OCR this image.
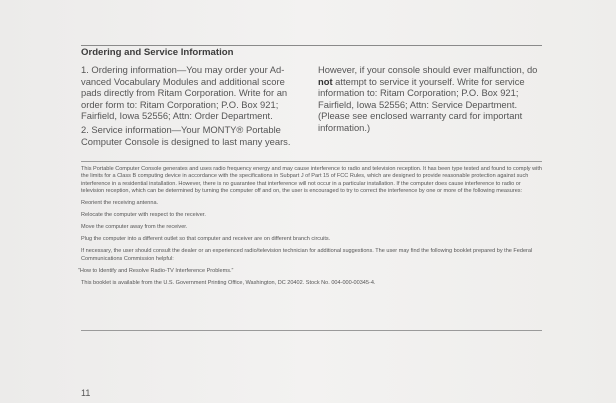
Ordering and Service Information

1. Ordering information—You may order your Ad-vanced Vocabulary Modules and additional score pads directly from Ritam Corporation. Write for an order form to: Ritam Corporation; P.O. Box 921; Fairfield, Iowa 52556; Attn: Order Department.

2. Service information—Your MONTY® Portable Computer Console is designed to last many years.

However, if your console should ever malfunction, do not attempt to service it yourself. Write for service information to: Ritam Corporation; P.O. Box 921; Fairfield, Iowa 52556; Attn: Service Department. (Please see enclosed warranty card for important information.)

This Portable Computer Console generates and uses radio frequency energy and may cause interference to radio and television reception. It has been type tested and found to comply with the limits for a Class B computing device in accordance with the specifications in Subpart J of Part 15 of FCC Rules, which are designed to provide reasonable protection against such interference in a residential installation. However, there is no guarantee that interference will not occur in a particular installation. If the computer does cause interference to radio or television reception, which can be determined by turning the computer off and on, the user is encouraged to try to correct the interference by one or more of the following measures:

Reorient the receiving antenna.

Relocate the computer with respect to the receiver.

Move the computer away from the receiver.

Plug the computer into a different outlet so that computer and receiver are on different branch circuits.

If necessary, the user should consult the dealer or an experienced radio/television technician for additional suggestions. The user may find the following booklet prepared by the Federal Communications Commission helpful:

“How to Identify and Resolve Radio-TV Interference Problems.”

This booklet is available from the U.S. Government Printing Office, Washington, DC 20402. Stock No. 004-000-00345-4.

11
